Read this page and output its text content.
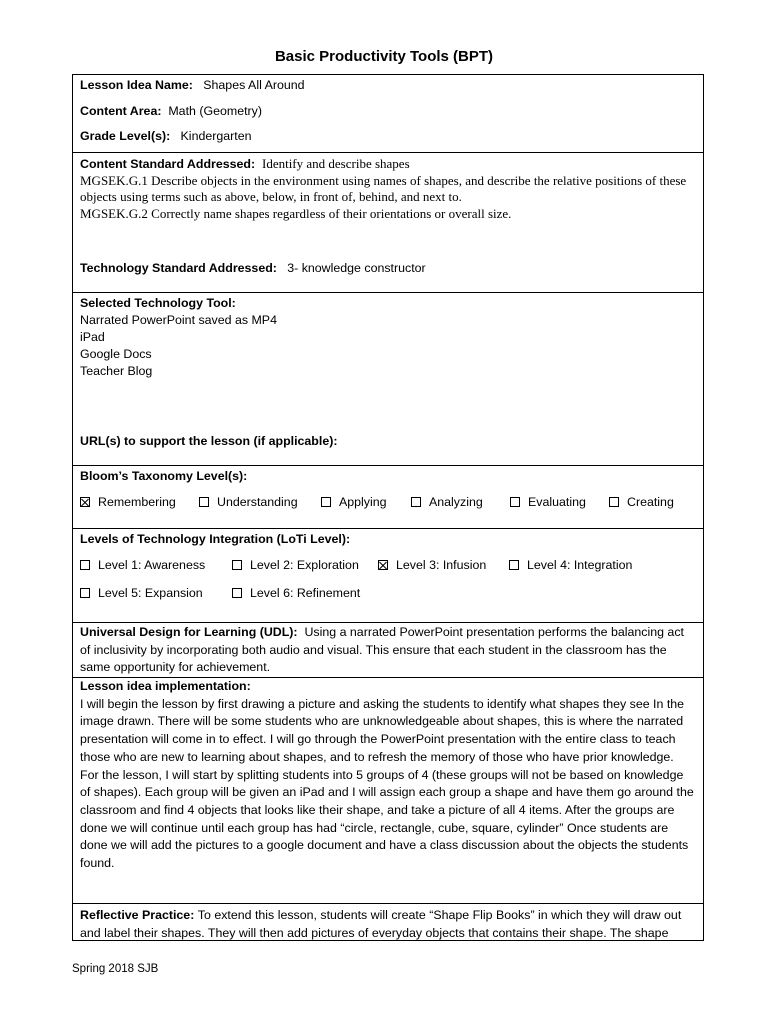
Basic Productivity Tools (BPT)
Lesson Idea Name: Shapes All Around
Content Area: Math (Geometry)
Grade Level(s): Kindergarten
Content Standard Addressed: Identify and describe shapes
MGSEK.G.1 Describe objects in the environment using names of shapes, and describe the relative positions of these objects using terms such as above, below, in front of, behind, and next to.
MGSEK.G.2 Correctly name shapes regardless of their orientations or overall size.
Technology Standard Addressed: 3- knowledge constructor
Selected Technology Tool:
Narrated PowerPoint saved as MP4
iPad
Google Docs
Teacher Blog
URL(s) to support the lesson (if applicable):
Bloom’s Taxonomy Level(s):
Remembering	Understanding	Applying	Analyzing	Evaluating	Creating
Levels of Technology Integration (LoTi Level):
Level 1: Awareness	Level 2: Exploration	Level 3: Infusion	Level 4: Integration
Level 5: Expansion	Level 6: Refinement
Universal Design for Learning (UDL): Using a narrated PowerPoint presentation performs the balancing act of inclusivity by incorporating both audio and visual. This ensure that each student in the classroom has the same opportunity for achievement.
Lesson idea implementation:
I will begin the lesson by first drawing a picture and asking the students to identify what shapes they see In the image drawn. There will be some students who are unknowledgeable about shapes, this is where the narrated presentation will come in to effect. I will go through the PowerPoint presentation with the entire class to teach those who are new to learning about shapes, and to refresh the memory of those who have prior knowledge.
For the lesson, I will start by splitting students into 5 groups of 4 (these groups will not be based on knowledge of shapes). Each group will be given an iPad and I will assign each group a shape and have them go around the classroom and find 4 objects that looks like their shape, and take a picture of all 4 items. After the groups are done we will continue until each group has had “circle, rectangle, cube, square, cylinder” Once students are done we will add the pictures to a google document and have a class discussion about the objects the students found.
Reflective Practice: To extend this lesson, students will create “Shape Flip Books” in which they will draw out and label their shapes. They will then add pictures of everyday objects that contains their shape. The shape
Spring 2018 SJB
